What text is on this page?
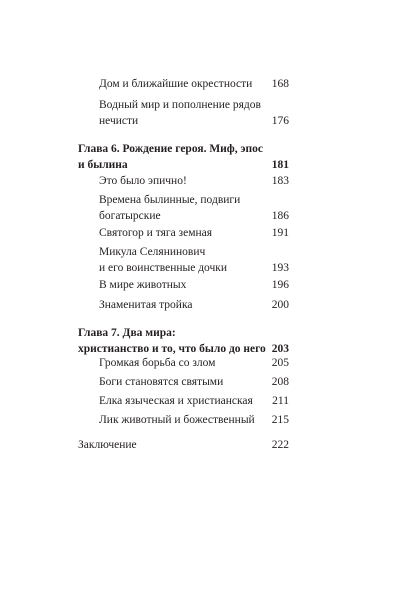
Дом и ближайшие окрестности 168
Водный мир и пополнение рядов
нечисти	176
Глава 6. Рождение героя. Миф, эпос
и былина	181
Это было эпично!	183
Времена былинные, подвиги
богатырские	186
Святогор и тяга земная	191
Микула Селянинович
и его воинственные дочки	193
В мире животных	196
Знаменитая тройка	200
Глава 7. Два мира:
христианство и то, что было до него 203
Громкая борьба со злом	205
Боги становятся святыми	208
Елка языческая и христианская 211
Лик животный и божественный 215
Заключение	222
